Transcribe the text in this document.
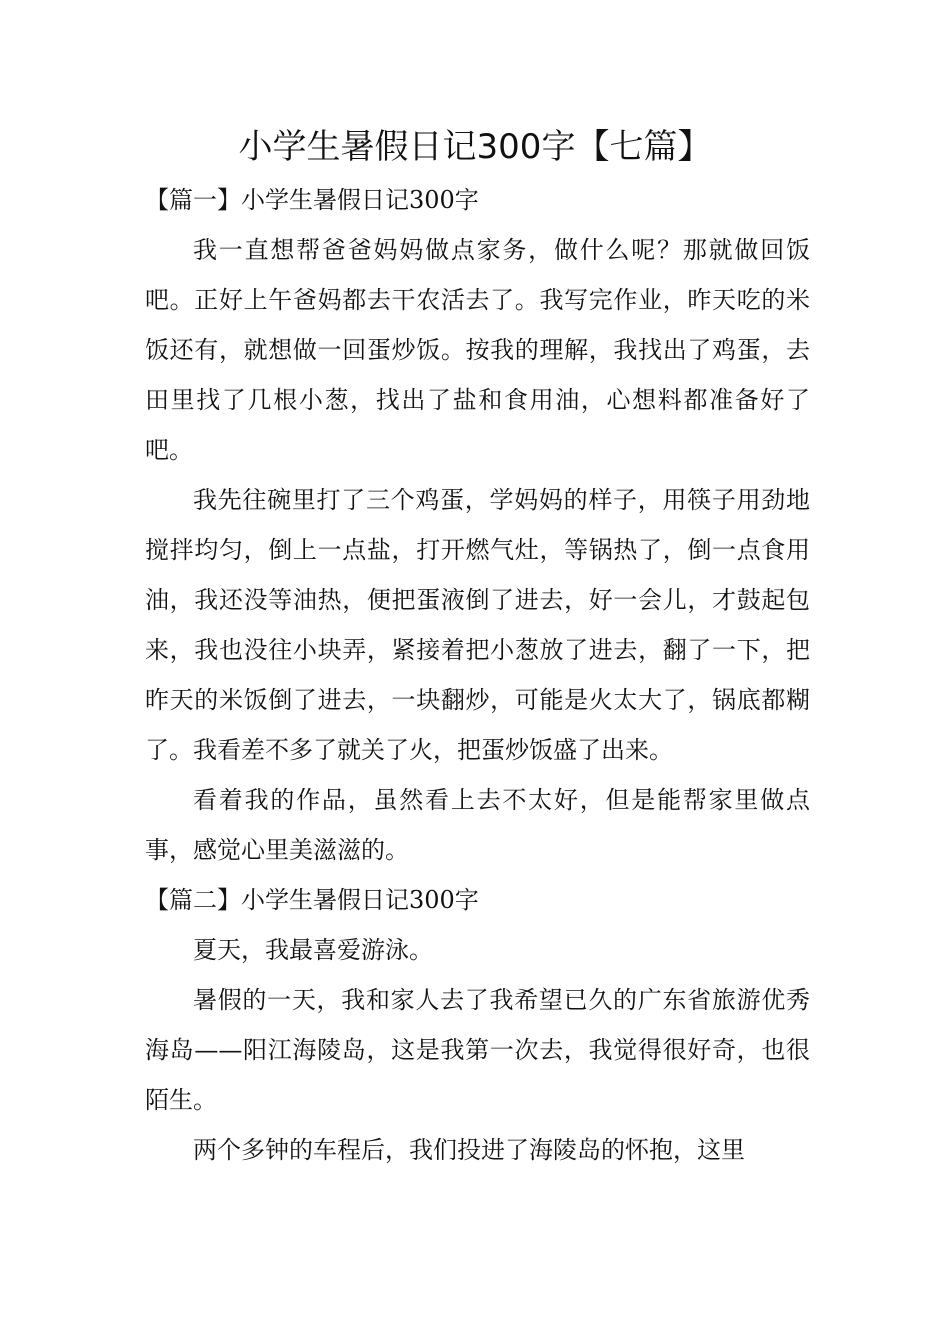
小学生暑假日记300字【七篇】

【篇一】小学生暑假日记300字

我一直想帮爸爸妈妈做点家务，做什么呢？那就做回饭吧。正好上午爸妈都去干农活去了。我写完作业，昨天吃的米饭还有，就想做一回蛋炒饭。按我的理解，我找出了鸡蛋，去田里找了几根小葱，找出了盐和食用油，心想料都准备好了吧。

我先往碗里打了三个鸡蛋，学妈妈的样子，用筷子用劲地搅拌均匀，倒上一点盐，打开燃气灶，等锅热了，倒一点食用油，我还没等油热，便把蛋液倒了进去，好一会儿，才鼓起包来，我也没往小块弄，紧接着把小葱放了进去，翻了一下，把昨天的米饭倒了进去，一块翻炒，可能是火太大了，锅底都糊了。我看差不多了就关了火，把蛋炒饭盛了出来。

看着我的作品，虽然看上去不太好，但是能帮家里做点事，感觉心里美滋滋的。

【篇二】小学生暑假日记300字

夏天，我最喜爱游泳。

暑假的一天，我和家人去了我希望已久的广东省旅游优秀海岛——阳江海陵岛，这是我第一次去，我觉得很好奇，也很陌生。

两个多钟的车程后，我们投进了海陵岛的怀抱，这里
